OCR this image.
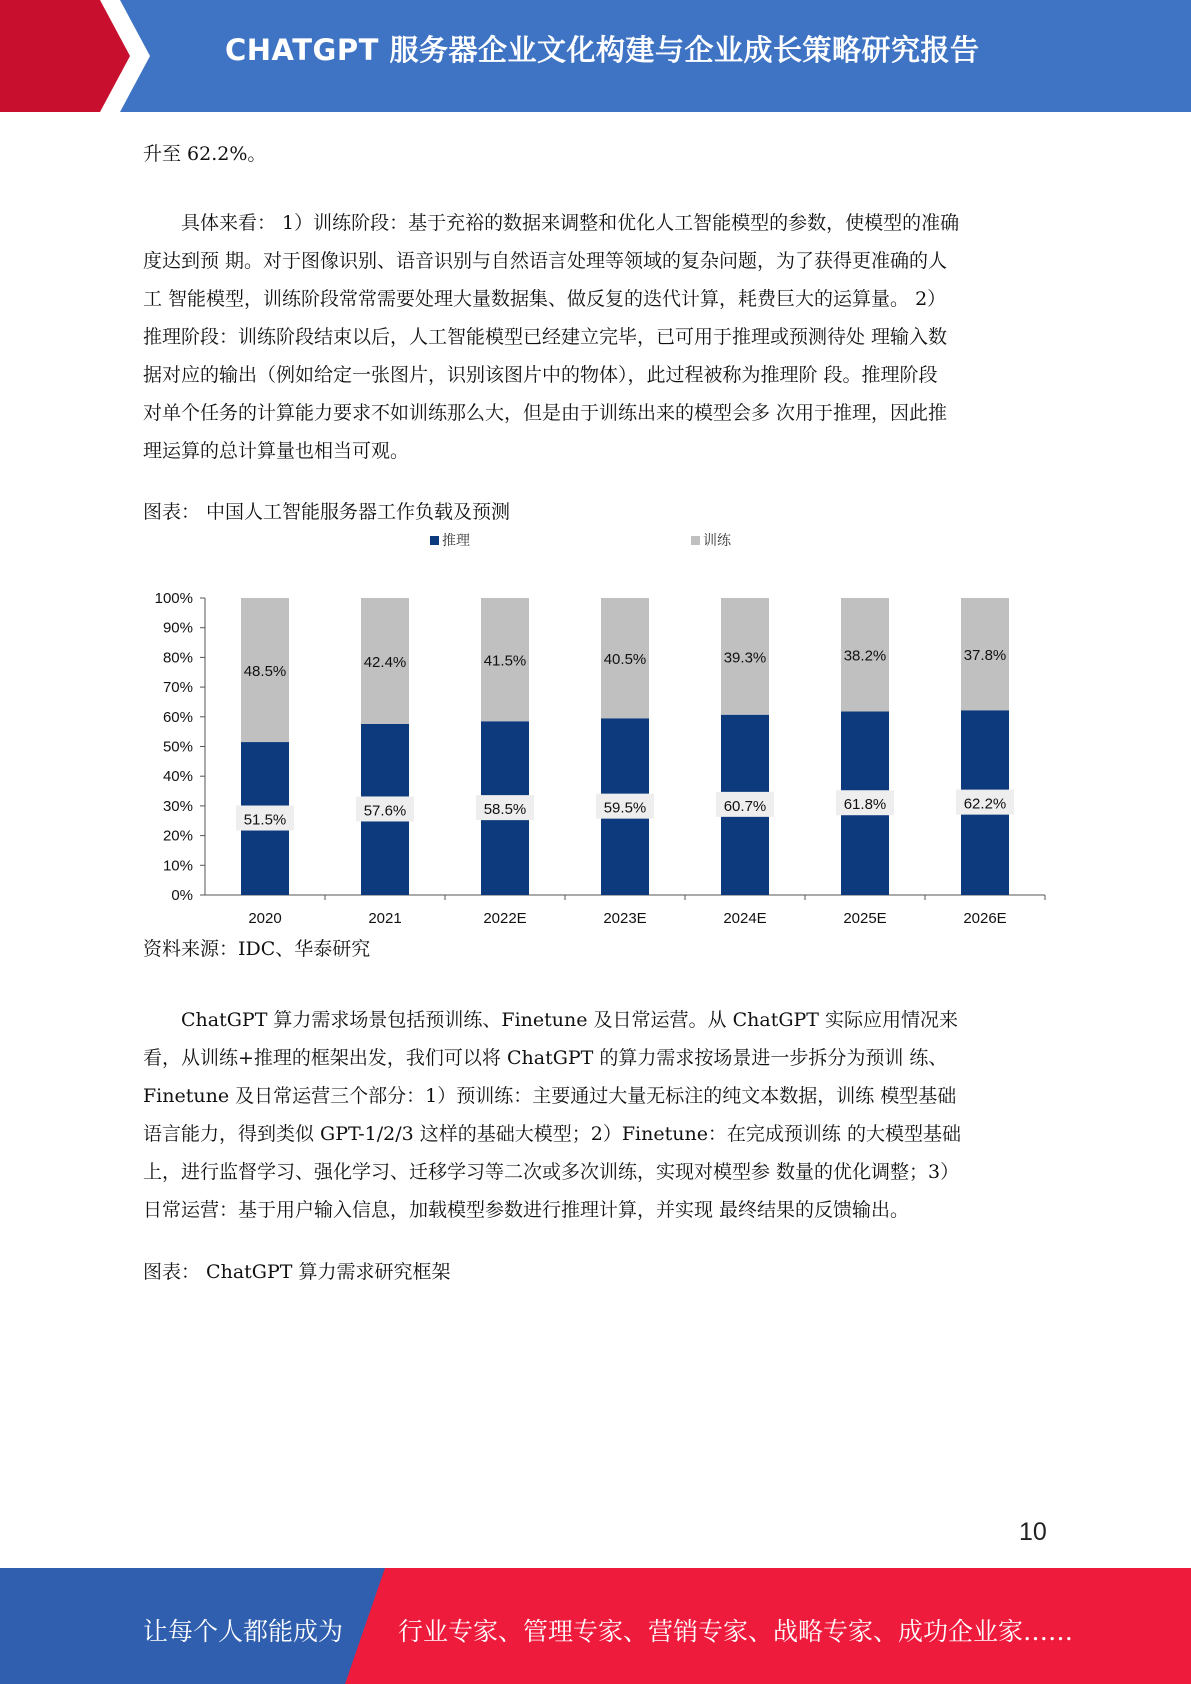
CHATGPT 服务器企业文化构建与企业成长策略研究报告

升至 62.2%。

具体来看： 1）训练阶段：基于充裕的数据来调整和优化人工智能模型的参数，使模型的准确
度达到预 期。对于图像识别、语音识别与自然语言处理等领域的复杂问题，为了获得更准确的人
工 智能模型，训练阶段常常需要处理大量数据集、做反复的迭代计算，耗费巨大的运算量。 2）
推理阶段：训练阶段结束以后，人工智能模型已经建立完毕，已可用于推理或预测待处 理输入数
据对应的输出（例如给定一张图片，识别该图片中的物体），此过程被称为推理阶 段。推理阶段
对单个任务的计算能力要求不如训练那么大，但是由于训练出来的模型会多 次用于推理，因此推
理运算的总计算量也相当可观。
图表： 中国人工智能服务器工作负载及预测
推理	训练
0%
10%
20%
30%
40%
50%
60%
70%
80%
90%
100%
51.5%
48.5%
2020
57.6%
42.4%
2021
58.5%
41.5%
2022E
59.5%
40.5%
2023E
60.7%
39.3%
2024E
61.8%
38.2%
2025E
62.2%
37.8%
2026E
资料来源：IDC、华泰研究
ChatGPT 算力需求场景包括预训练、Finetune 及日常运营。从 ChatGPT 实际应用情况来
看，从训练+推理的框架出发，我们可以将 ChatGPT 的算力需求按场景进一步拆分为预训 练、
Finetune 及日常运营三个部分：1）预训练：主要通过大量无标注的纯文本数据，训练 模型基础
语言能力，得到类似 GPT-1/2/3 这样的基础大模型；2）Finetune：在完成预训练 的大模型基础
上，进行监督学习、强化学习、迁移学习等二次或多次训练，实现对模型参 数量的优化调整；3）
日常运营：基于用户输入信息，加载模型参数进行推理计算，并实现 最终结果的反馈输出。
图表： ChatGPT 算力需求研究框架
10
让每个人都能成为 行业专家、管理专家、营销专家、战略专家、成功企业家……
